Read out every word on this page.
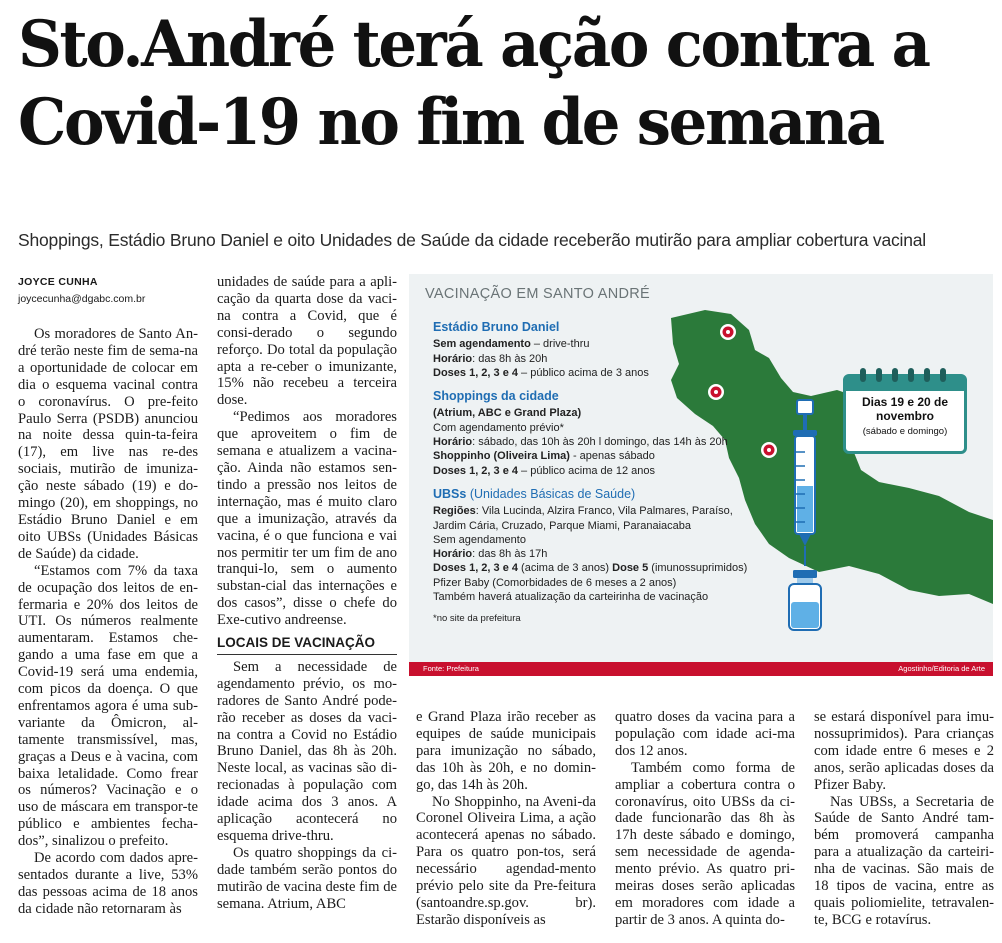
Sto.André terá ação contra a
Covid-19 no fim de semana
Shoppings, Estádio Bruno Daniel e oito Unidades de Saúde da cidade receberão mutirão para ampliar cobertura vacinal
JOYCE CUNHA
joycecunha@dgabc.com.br

Os moradores de Santo An-dré terão neste fim de sema-na a oportunidade de colocar em dia o esquema vacinal contra o coronavírus. O pre-feito Paulo Serra (PSDB) anunciou na noite dessa quin-ta-feira (17), em live nas re-des sociais, mutirão de imuniza-ção neste sábado (19) e do-mingo (20), em shoppings, no Estádio Bruno Daniel e em oito UBSs (Unidades Básicas de Saúde) da cidade.

“Estamos com 7% da taxa de ocupação dos leitos de en-fermaria e 20% dos leitos de UTI. Os números realmente aumentaram. Estamos che-gando a uma fase em que a Covid-19 será uma endemia, com picos da doença. O que enfrentamos agora é uma sub-variante da Ômicron, al-tamente transmissível, mas, graças a Deus e à vacina, com baixa letalidade. Como frear os números? Vacinação e o uso de máscara em transpor-te público e ambientes fecha-dos”, sinalizou o prefeito.

De acordo com dados apre-sentados durante a live, 53% das pessoas acima de 18 anos da cidade não retornaram às

unidades de saúde para a apli-cação da quarta dose da vaci-na contra a Covid, que é consi-derado o segundo reforço. Do total da população apta a re-ceber o imunizante, 15% não recebeu a terceira dose.

“Pedimos aos moradores que aproveitem o fim de semana e atualizem a vacina-ção. Ainda não estamos sen-tindo a pressão nos leitos de internação, mas é muito claro que a imunização, através da vacina, é o que funciona e vai nos permitir ter um fim de ano tranqui-lo, sem o aumento substan-cial das internações e dos casos”, disse o chefe do Exe-cutivo andreense.

LOCAIS DE VACINAÇÃO

Sem a necessidade de agendamento prévio, os mo-radores de Santo André pode-rão receber as doses da vaci-na contra a Covid no Estádio Bruno Daniel, das 8h às 20h. Neste local, as vacinas são di-recionadas à população com idade acima dos 3 anos. A aplicação acontecerá no esquema drive-thru.

Os quatro shoppings da ci-dade também serão pontos do mutirão de vacina deste fim de semana. Atrium, ABC

e Grand Plaza irão receber as equipes de saúde municipais para imunização no sábado, das 10h às 20h, e no domin-go, das 14h às 20h.

No Shoppinho, na Aveni-da Coronel Oliveira Lima, a ação acontecerá apenas no sábado. Para os quatro pon-tos, será necessário agendad-mento prévio pelo site da Pre-feitura (santoandre.sp.gov. br). Estarão disponíveis as

quatro doses da vacina para a população com idade aci-ma dos 12 anos.

Também como forma de ampliar a cobertura contra o coronavírus, oito UBSs da ci-dade funcionarão das 8h às 17h deste sábado e domingo, sem necessidade de agenda-mento prévio. As quatro pri-meiras doses serão aplicadas em moradores com idade a partir de 3 anos. A quinta do-

se estará disponível para imu-nossuprimidos). Para crianças com idade entre 6 meses e 2 anos, serão aplicadas doses da Pfizer Baby.

Nas UBSs, a Secretaria de Saúde de Santo André tam-bém promoverá campanha para a atualização da carteiri-nha de vacinas. São mais de 18 tipos de vacina, entre as quais poliomielite, tetravalen-te, BCG e rotavírus.

VACINAÇÃO EM SANTO ANDRÉ
Estádio Bruno Daniel
Sem agendamento – drive-thru
Horário: das 8h às 20h
Doses 1, 2, 3 e 4 – público acima de 3 anos
Shoppings da cidade
(Atrium, ABC e Grand Plaza)
Com agendamento prévio*
Horário: sábado, das 10h às 20h l domingo, das 14h às 20h
Shoppinho (Oliveira Lima) - apenas sábado
Doses 1, 2, 3 e 4 – público acima de 12 anos
UBSs (Unidades Básicas de Saúde)
Regiões: Vila Lucinda, Alzira Franco, Vila Palmares, Paraíso, Jardim Cária, Cruzado, Parque Miami, Paranaiacaba
Sem agendamento
Horário: das 8h às 17h
Doses 1, 2, 3 e 4 (acima de 3 anos) Dose 5 (imunossuprimidos)
Pfizer Baby (Comorbidades de 6 meses a 2 anos)
Também haverá atualização da carteirinha de vacinação
*no site da prefeitura
Dias 19 e 20 de novembro
(sábado e domingo)
Fonte: Prefeitura	Agostinho/Editoria de Arte
